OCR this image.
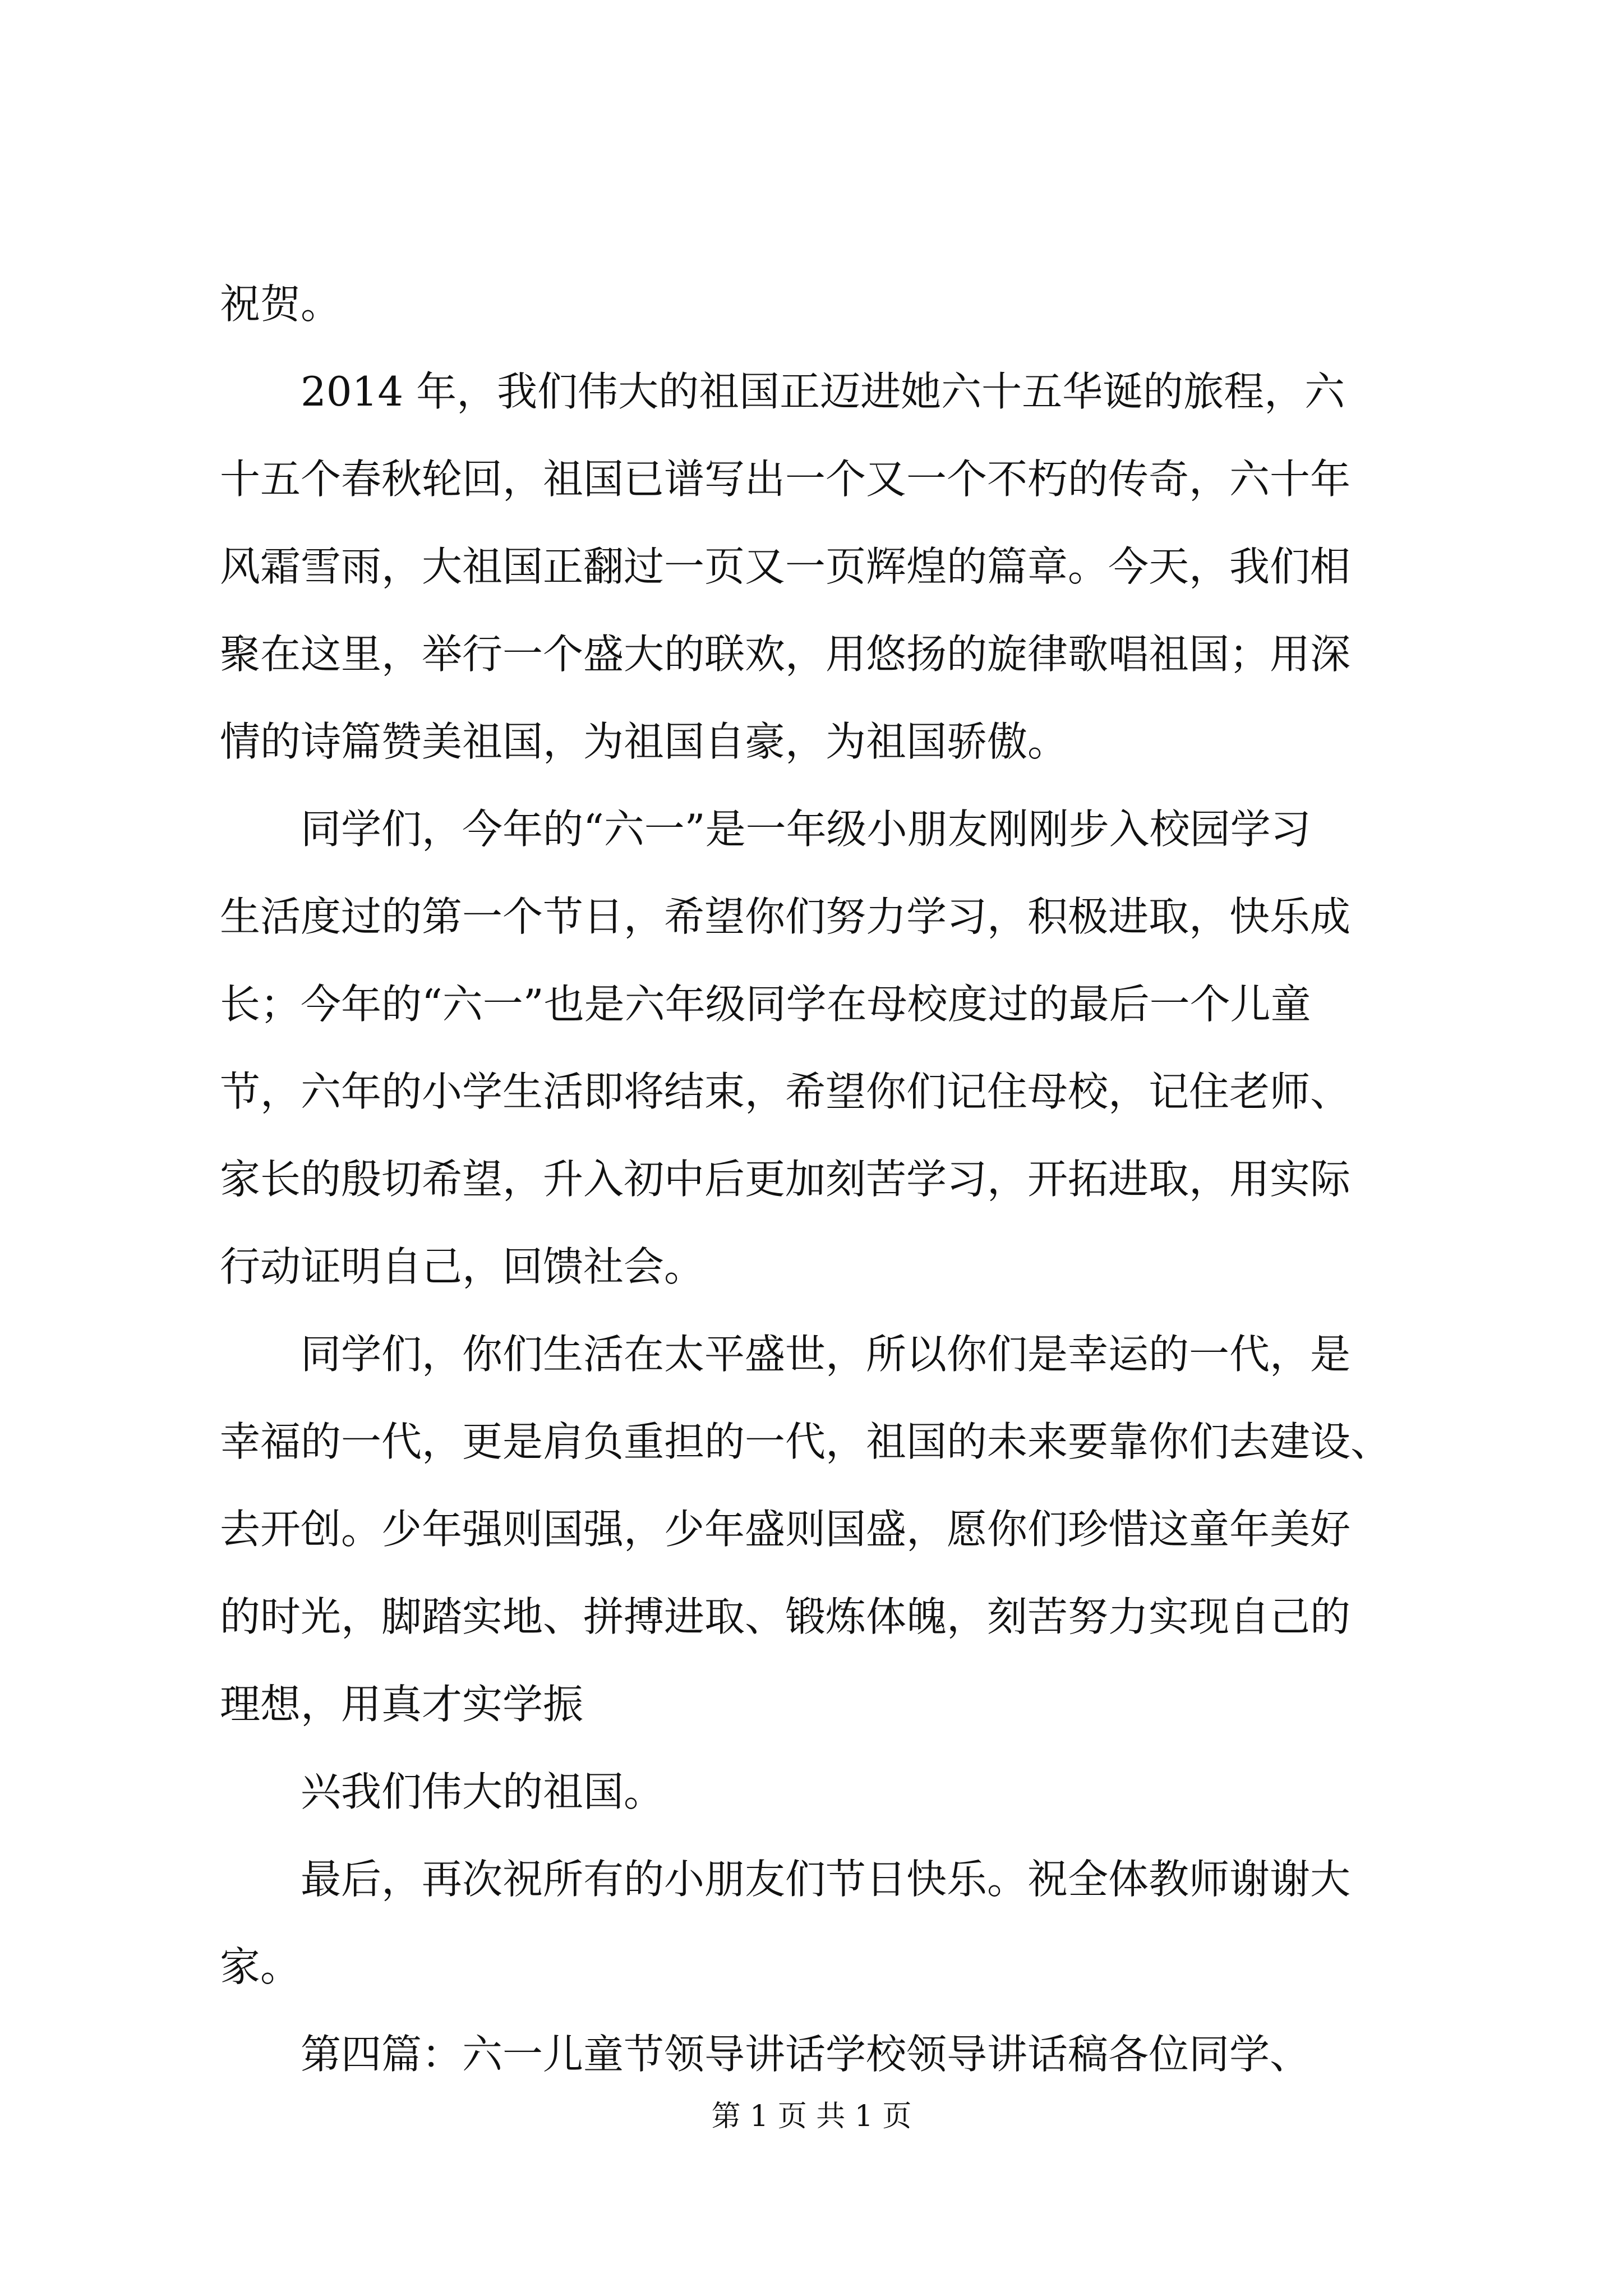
祝贺。

　　2014 年，我们伟大的祖国正迈进她六十五华诞的旅程，六

十五个春秋轮回，祖国已谱写出一个又一个不朽的传奇，六十年

风霜雪雨，大祖国正翻过一页又一页辉煌的篇章。今天，我们相

聚在这里，举行一个盛大的联欢，用悠扬的旋律歌唱祖国；用深

情的诗篇赞美祖国，为祖国自豪，为祖国骄傲。

　　同学们，今年的“六一”是一年级小朋友刚刚步入校园学习

生活度过的第一个节日，希望你们努力学习，积极进取，快乐成

长；今年的“六一”也是六年级同学在母校度过的最后一个儿童

节，六年的小学生活即将结束，希望你们记住母校，记住老师、

家长的殷切希望，升入初中后更加刻苦学习，开拓进取，用实际

行动证明自己，回馈社会。

　　同学们，你们生活在太平盛世，所以你们是幸运的一代，是

幸福的一代，更是肩负重担的一代，祖国的未来要靠你们去建设、

去开创。少年强则国强，少年盛则国盛，愿你们珍惜这童年美好

的时光，脚踏实地、拼搏进取、锻炼体魄，刻苦努力实现自己的

理想，用真才实学振

　　兴我们伟大的祖国。

　　最后，再次祝所有的小朋友们节日快乐。祝全体教师谢谢大

家。

　　第四篇：六一儿童节领导讲话学校领导讲话稿各位同学、

第 1 页 共 1 页
